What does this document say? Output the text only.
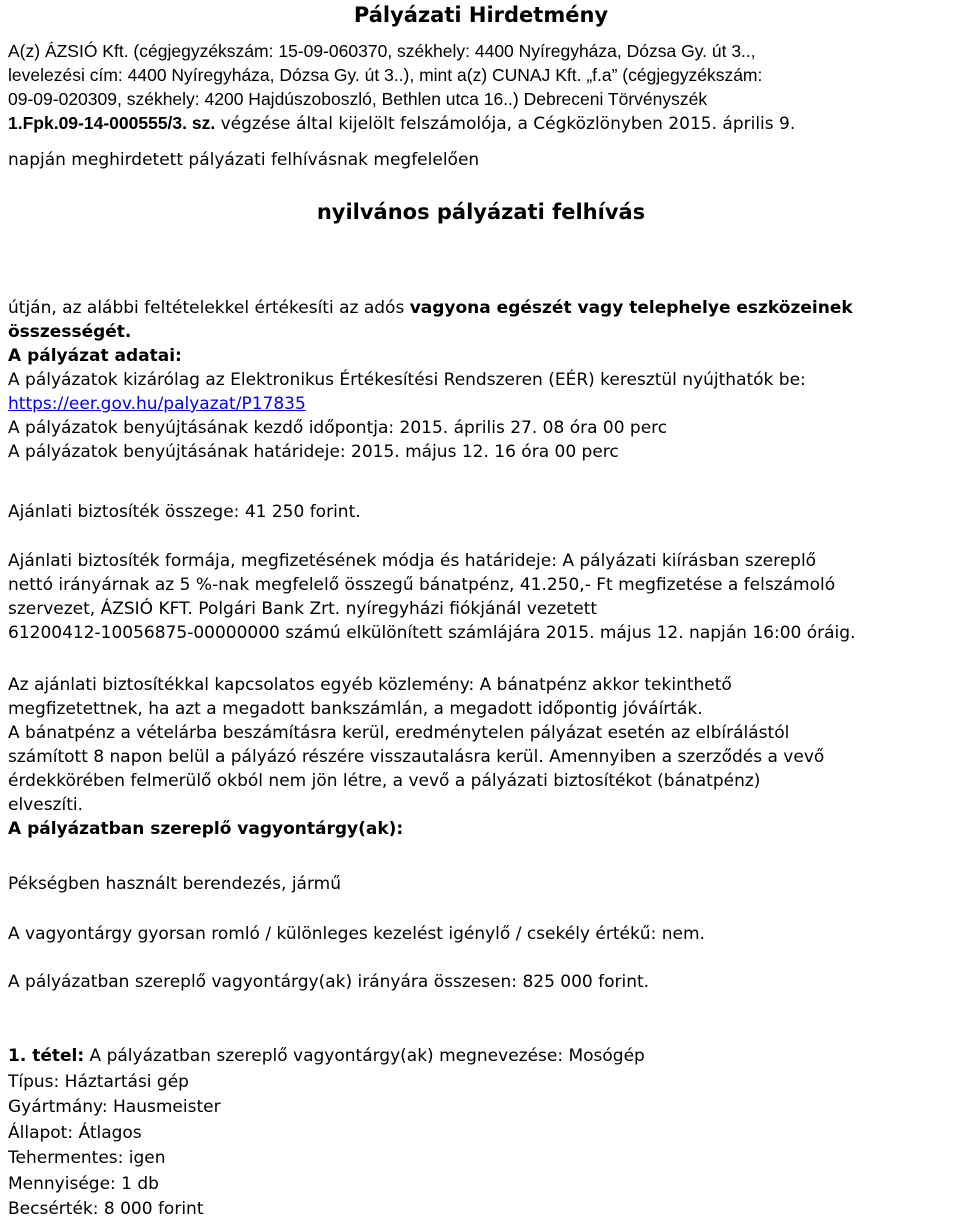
Pályázati Hirdetmény
A(z) ÁZSIÓ Kft. (cégjegyzékszám: 15-09-060370, székhely: 4400 Nyíregyháza, Dózsa Gy. út 3..,
levelezési cím: 4400 Nyíregyháza, Dózsa Gy. út 3..), mint a(z) CUNAJ Kft. „f.a” (cégjegyzékszám:
09-09-020309, székhely: 4200 Hajdúszoboszló, Bethlen utca 16..) Debreceni Törvényszék
1.Fpk.09-14-000555/3. sz. végzése által kijelölt felszámolója, a Cégközlönyben 2015. április 9.
napján meghirdetett pályázati felhívásnak megfelelően
nyilvános pályázati felhívás
útján, az alábbi feltételekkel értékesíti az adós vagyona egészét vagy telephelye eszközeinek
összességét.
A pályázat adatai:
A pályázatok kizárólag az Elektronikus Értékesítési Rendszeren (EÉR) keresztül nyújthatók be:
https://eer.gov.hu/palyazat/P17835
A pályázatok benyújtásának kezdő időpontja: 2015. április 27. 08 óra 00 perc
A pályázatok benyújtásának határideje: 2015. május 12. 16 óra 00 perc
Ajánlati biztosíték összege: 41 250 forint.
Ajánlati biztosíték formája, megfizetésének módja és határideje: A pályázati kiírásban szereplő
nettó irányárnak az 5 %-nak megfelelő összegű bánatpénz, 41.250,- Ft megfizetése a felszámoló
szervezet, ÁZSIÓ KFT. Polgári Bank Zrt. nyíregyházi fiókjánál vezetett
61200412-10056875-00000000 számú elkülönített számlájára 2015. május 12. napján 16:00 óráig.
Az ajánlati biztosítékkal kapcsolatos egyéb közlemény: A bánatpénz akkor tekinthető
megfizetettnek, ha azt a megadott bankszámlán, a megadott időpontig jóváírták.
A bánatpénz a vételárba beszámításra kerül, eredménytelen pályázat esetén az elbírálástól
számított 8 napon belül a pályázó részére visszautalásra kerül. Amennyiben a szerződés a vevő
érdekkörében felmerülő okból nem jön létre, a vevő a pályázati biztosítékot (bánatpénz)
elveszíti.
A pályázatban szereplő vagyontárgy(ak):
Pékségben használt berendezés, jármű
A vagyontárgy gyorsan romló / különleges kezelést igénylő / csekély értékű: nem.
A pályázatban szereplő vagyontárgy(ak) irányára összesen: 825 000 forint.
1. tétel: A pályázatban szereplő vagyontárgy(ak) megnevezése: Mosógép
Típus: Háztartási gép
Gyártmány: Hausmeister
Állapot: Átlagos
Tehermentes: igen
Mennyisége: 1 db
Becsérték: 8 000 forint
